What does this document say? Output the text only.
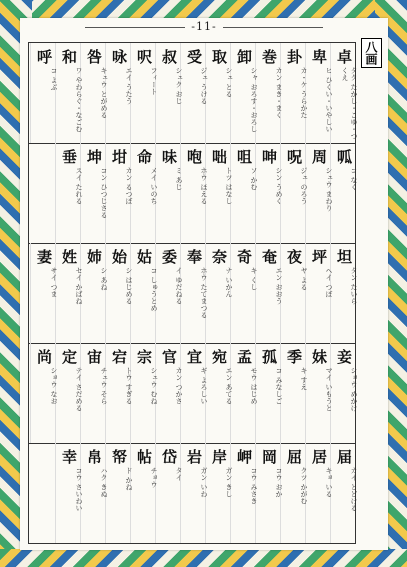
-11-
八画
卓
タク たかし・こゆ・つくえ
卑
ヒ ひくい・いやしい
卦
カ・ケ うらかた
巻
カン まき・まく
卸
シャ おろす・おろし
取
シュ とる
受
ジュ うける
叔
シュク おじ
呎
フィート
咏
エイ うたう
咎
キュウ とがめる
和
ワ やわらぐ・なごむ
呼
コ よぶ
呱
コ なく
周
シュウ まわり
呪
ジュ のろう
呻
シン うめく
咀
ソ かむ
咄
トツ はなし
咆
ホウ ほえる
味
ミ あじ
命
メイ いのち
坩
カン るつぼ
坤
コン ひつじさる
垂
スイ たれる
坦
タン たいら
坪
ヘイ つぼ
夜
ヤ よる
奄
エン おおう
奇
キ くし
奈
ナ いかん
奉
ホウ たてまつる
委
イ ゆだねる
姑
コ しゅうとめ
始
シ はじめる
姉
シ あね
姓
セイ かばね
妻
サイ つま
妾
ショウ めかけ
妹
マイ いもうと
季
キ すえ
孤
コ みなしご
孟
モウ はじめ
宛
エン あてる
宜
ギ よろしい
官
カン つかさ
宗
シュウ むね
宕
トウ すぎる
宙
チュウ そら
定
テイ さだめる
尚
ショウ なお
届
カイ とどける
居
キョ いる
屈
クツ かがむ
岡
コウ おか
岬
コウ みさき
岸
ガン きし
岩
ガン いわ
岱
タイ
帖
チョウ
帑
ド かね
帛
ハク きぬ
幸
コウ さいわい
